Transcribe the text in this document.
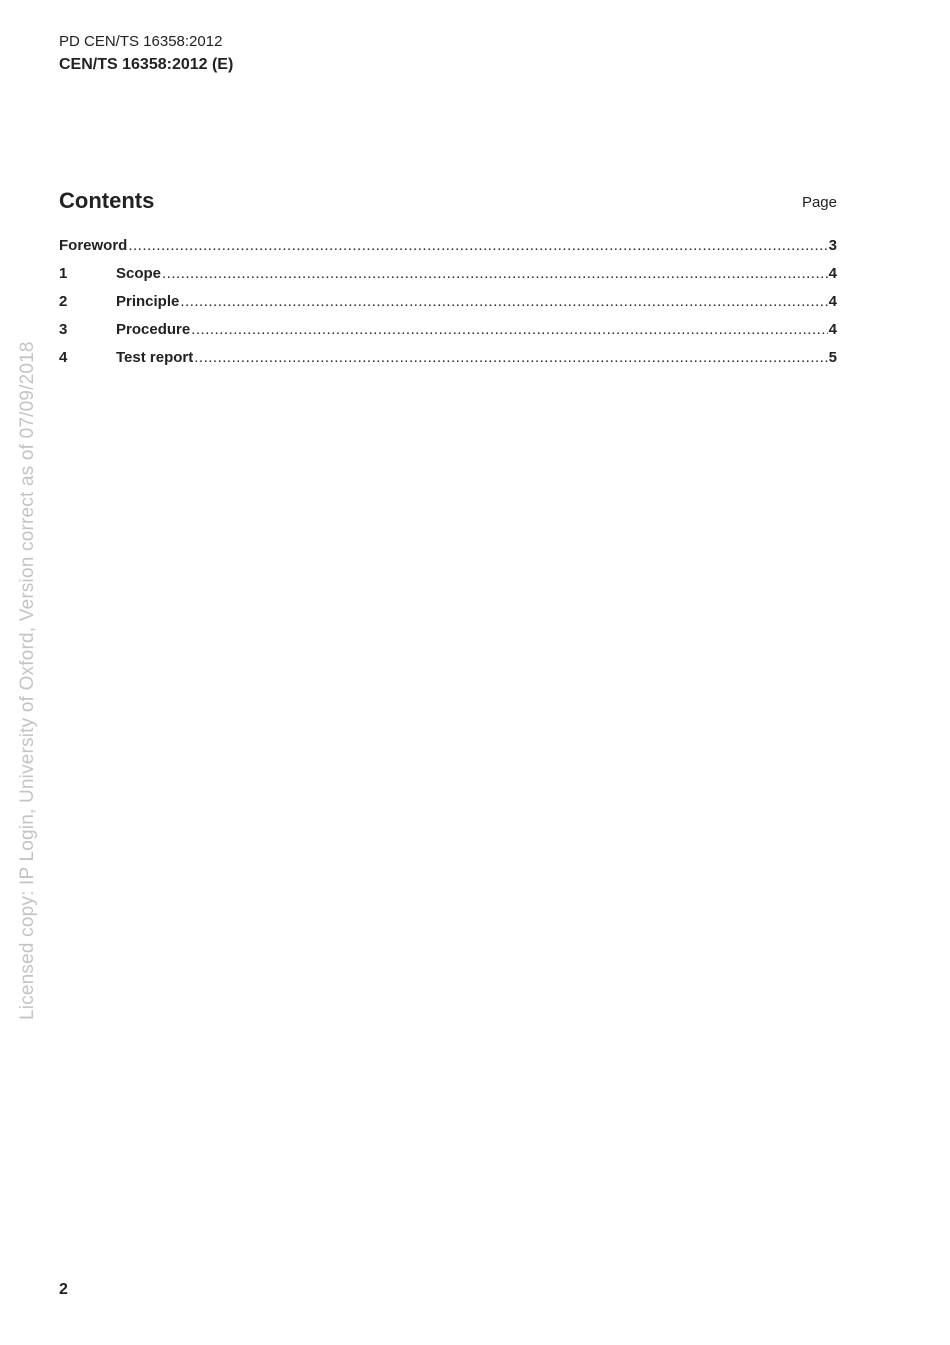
PD CEN/TS 16358:2012
CEN/TS 16358:2012 (E)
Contents	Page
Foreword .....	3
1	Scope .....	4
2	Principle .....	4
3	Procedure .....	4
4	Test report .....	5
Licensed copy: IP Login, University of Oxford, Version correct as of 07/09/2018
2
